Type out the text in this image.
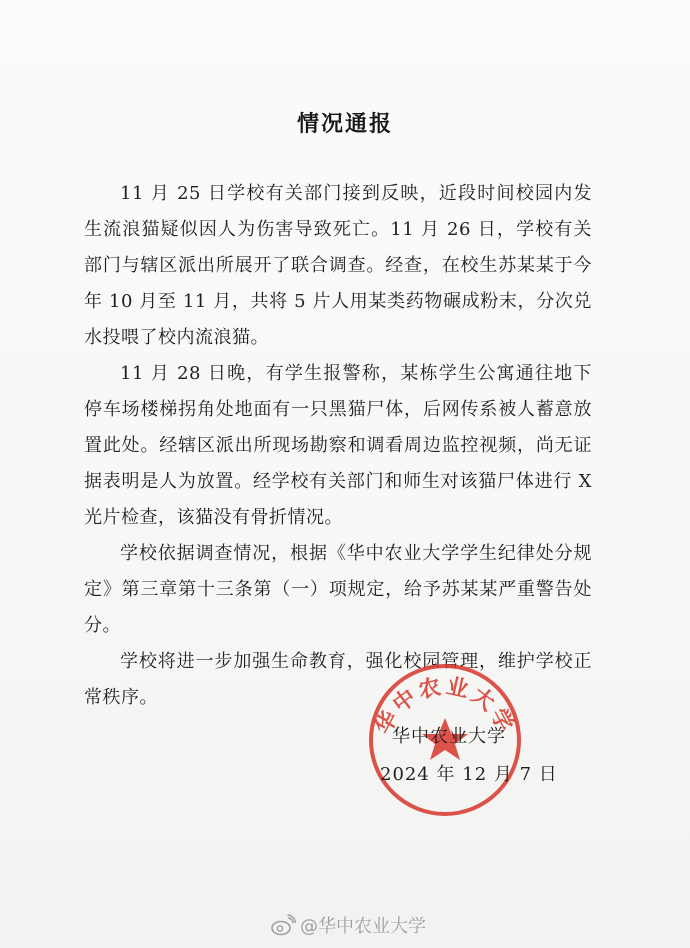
情况通报

11 月 25 日学校有关部门接到反映，近段时间校园内发生流浪猫疑似因人为伤害导致死亡。11 月 26 日，学校有关部门与辖区派出所展开了联合调查。经查，在校生苏某某于今年 10 月至 11 月，共将 5 片人用某类药物碾成粉末，分次兑水投喂了校内流浪猫。

11 月 28 日晚，有学生报警称，某栋学生公寓通往地下停车场楼梯拐角处地面有一只黑猫尸体，后网传系被人蓄意放置此处。经辖区派出所现场勘察和调看周边监控视频，尚无证据表明是人为放置。经学校有关部门和师生对该猫尸体进行 X 光片检查，该猫没有骨折情况。

学校依据调查情况，根据《华中农业大学学生纪律处分规定》第三章第十三条第（一）项规定，给予苏某某严重警告处分。

学校将进一步加强生命教育，强化校园管理，维护学校正常秩序。

华中农业大学
华中农业大学
2024 年 12 月 7 日
@华中农业大学
